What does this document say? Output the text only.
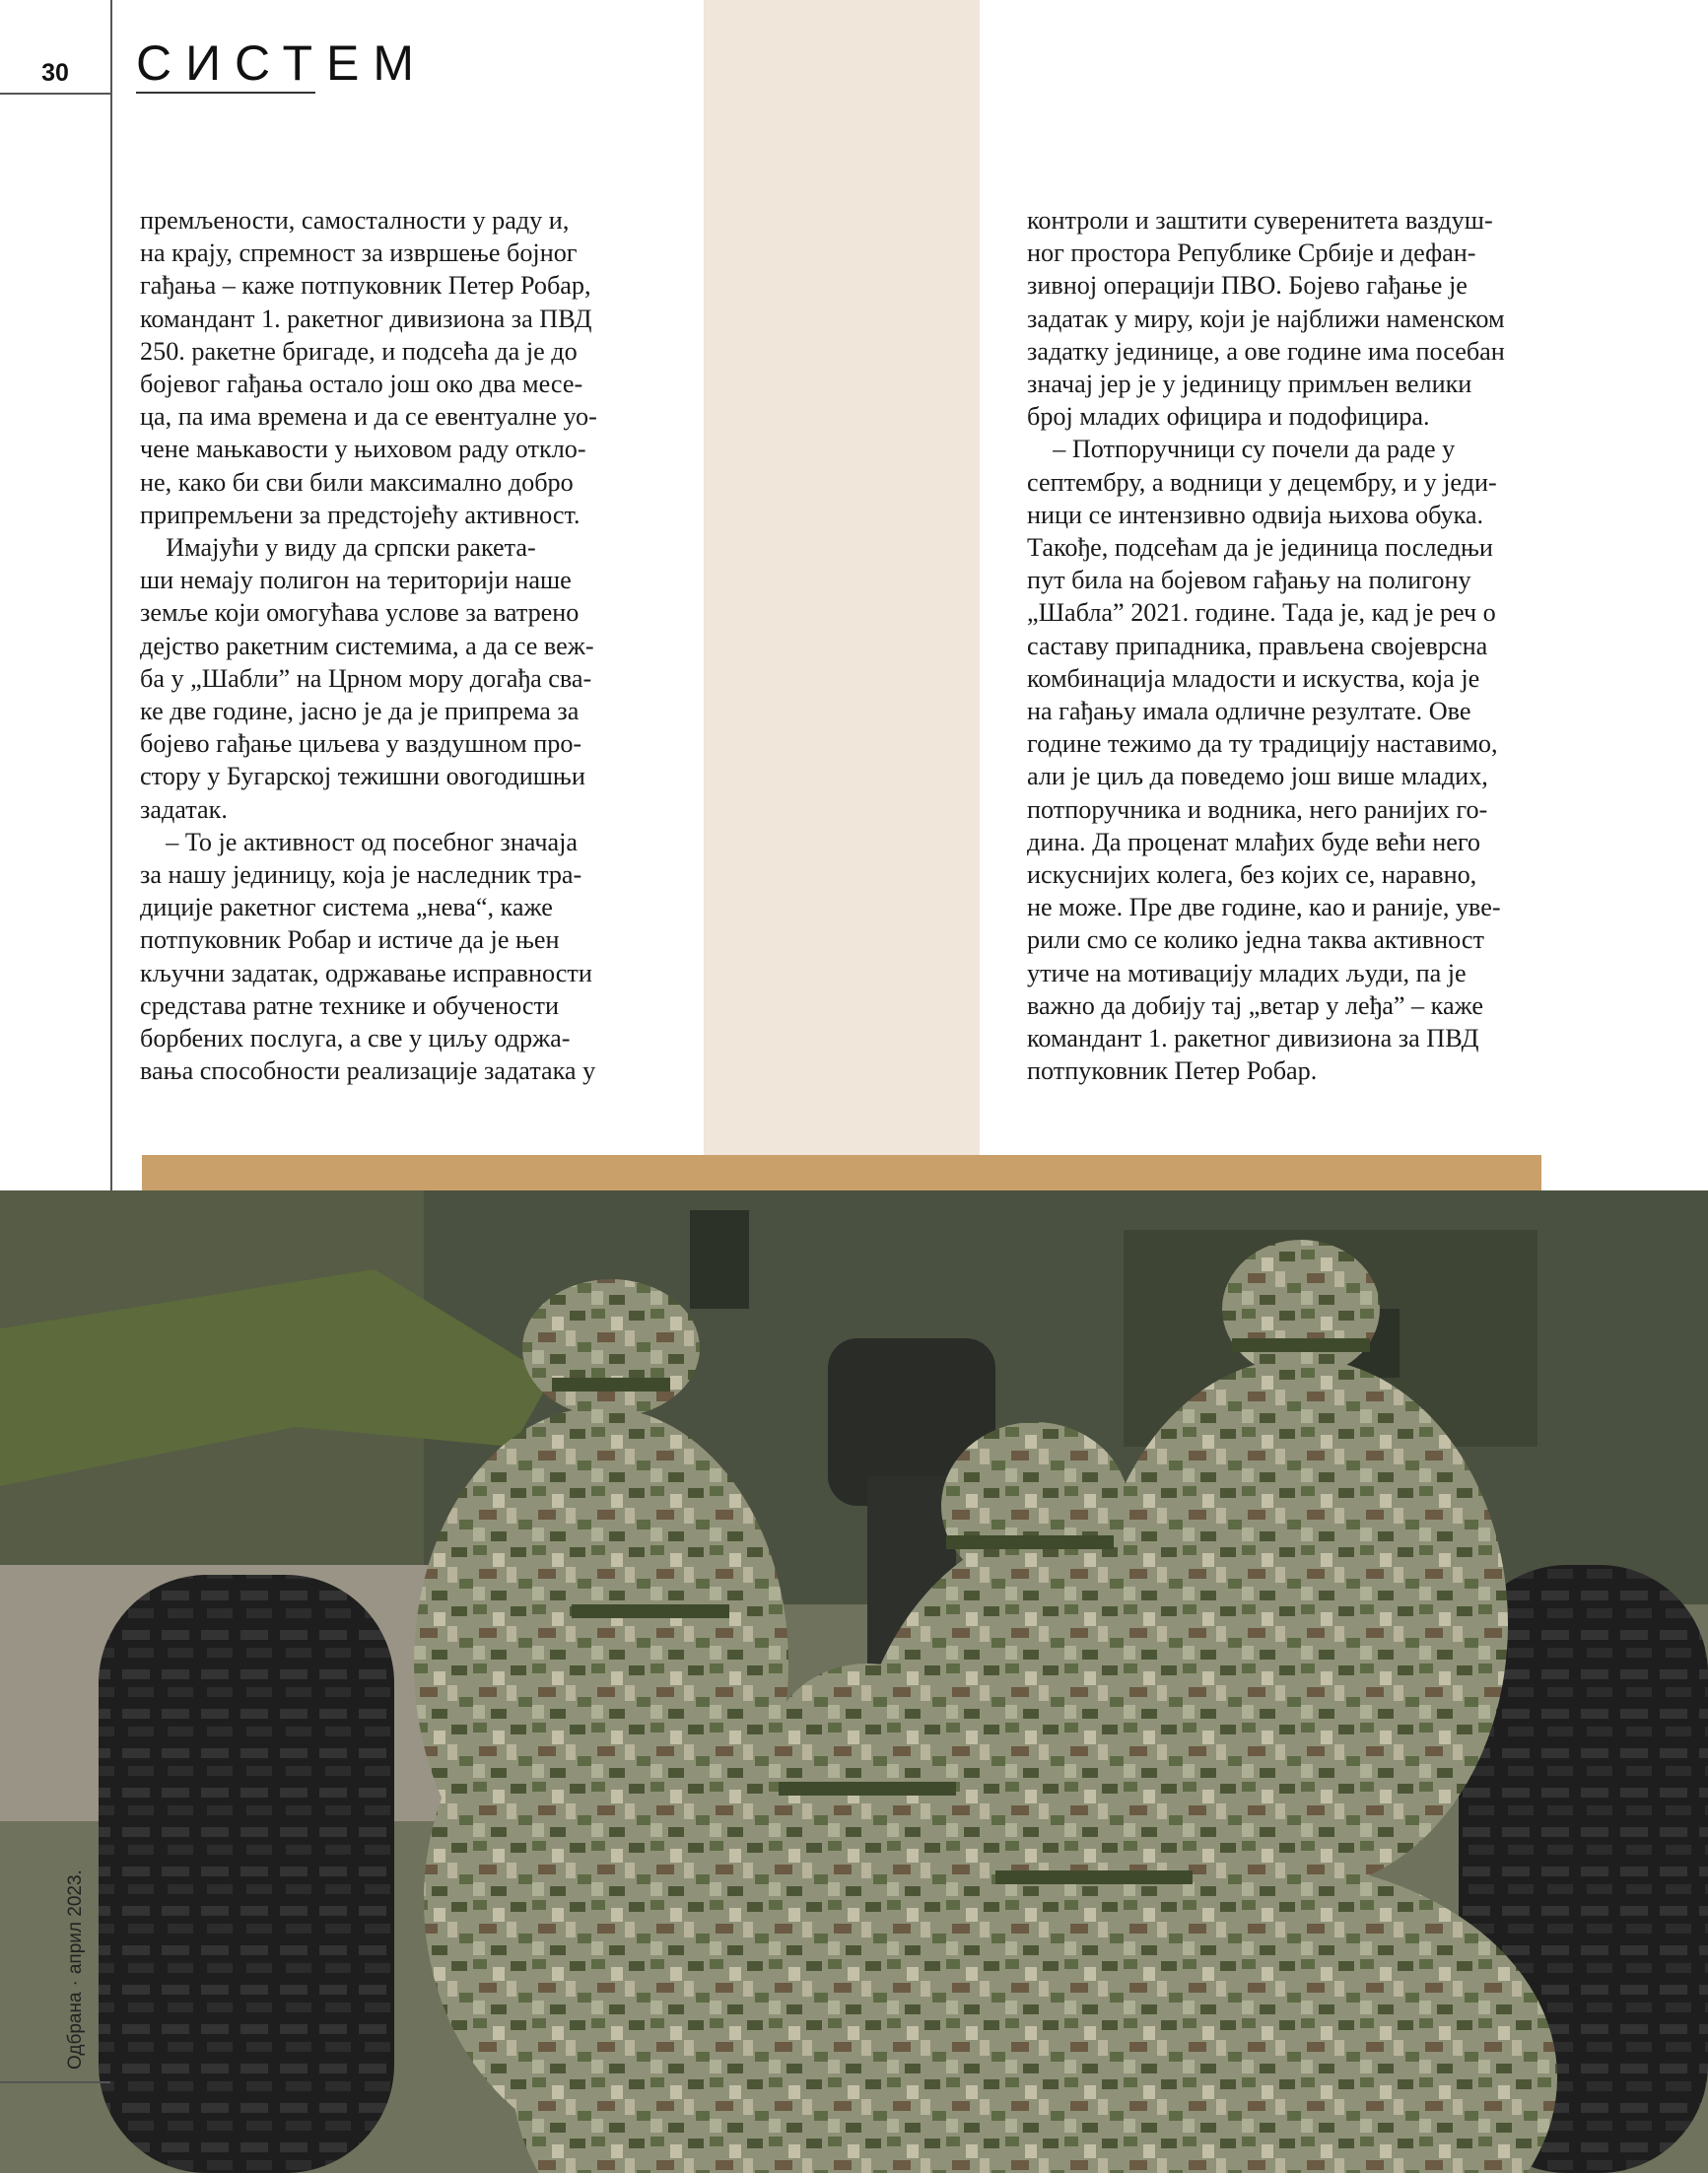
30	СИСТЕМ

премљености, самосталности у раду и,
на крају, спремност за извршење бојног
гађања – каже потпуковник Петер Робар,
командант 1. ракетног дивизиона за ПВД
250. ракетне бригаде, и подсећа да је до
бојевог гађања остало још око два месе-
ца, па има времена и да се евентуалне уо-
чене мањкавости у њиховом раду откло-
не, како би сви били максимално добро
припремљени за предстојећу активност.

 Имајући у виду да српски ракета-
ши немају полигон на територији наше
земље који омогућава услове за ватрено
дејство ракетним системима, а да се веж-
ба у „Шабли” на Црном мору догађа сва-
ке две године, јасно је да је припрема за
бојево гађање циљева у ваздушном про-
стору у Бугарској тежишни овогодишњи
задатак.

 – То је активност од посебног значаја
за нашу јединицу, која је наследник тра-
диције ракетног система „нева“, каже
потпуковник Робар и истиче да је њен
кључни задатак, одржавање исправности
средстава ратне технике и обучености
борбених послуга, а све у циљу одржа-
вања способности реализације задатака у

контроли и заштити суверенитета ваздуш-
ног простора Републике Србије и дефан-
зивној операцији ПВО. Бојево гађање је
задатак у миру, који је најближи наменском
задатку јединице, а ове године има посебан
значај јер је у јединицу примљен велики
број младих официра и подофицира.

 – Потпоручници су почели да раде у
септембру, а водници у децембру, и у једи-
ници се интензивно одвија њихова обука.
Такође, подсећам да је јединица последњи
пут била на бојевом гађању на полигону
„Шабла” 2021. године. Тада је, кад је реч о
саставу припадника, прављена својеврсна
комбинација младости и искуства, која је
на гађању имала одличне резултате. Ове
године тежимо да ту традицију наставимо,
али је циљ да поведемо још више младих,
потпоручника и водника, него ранијих го-
дина. Да проценат млађих буде већи него
искуснијих колега, без којих се, наравно,
не може. Пре две године, као и раније, уве-
рили смо се колико једна таква активност
утиче на мотивацију младих људи, па је
важно да добију тај „ветар у леђа” – каже
командант 1. ракетног дивизиона за ПВД
потпуковник Петер Робар.

Одбрана·април 2023.
